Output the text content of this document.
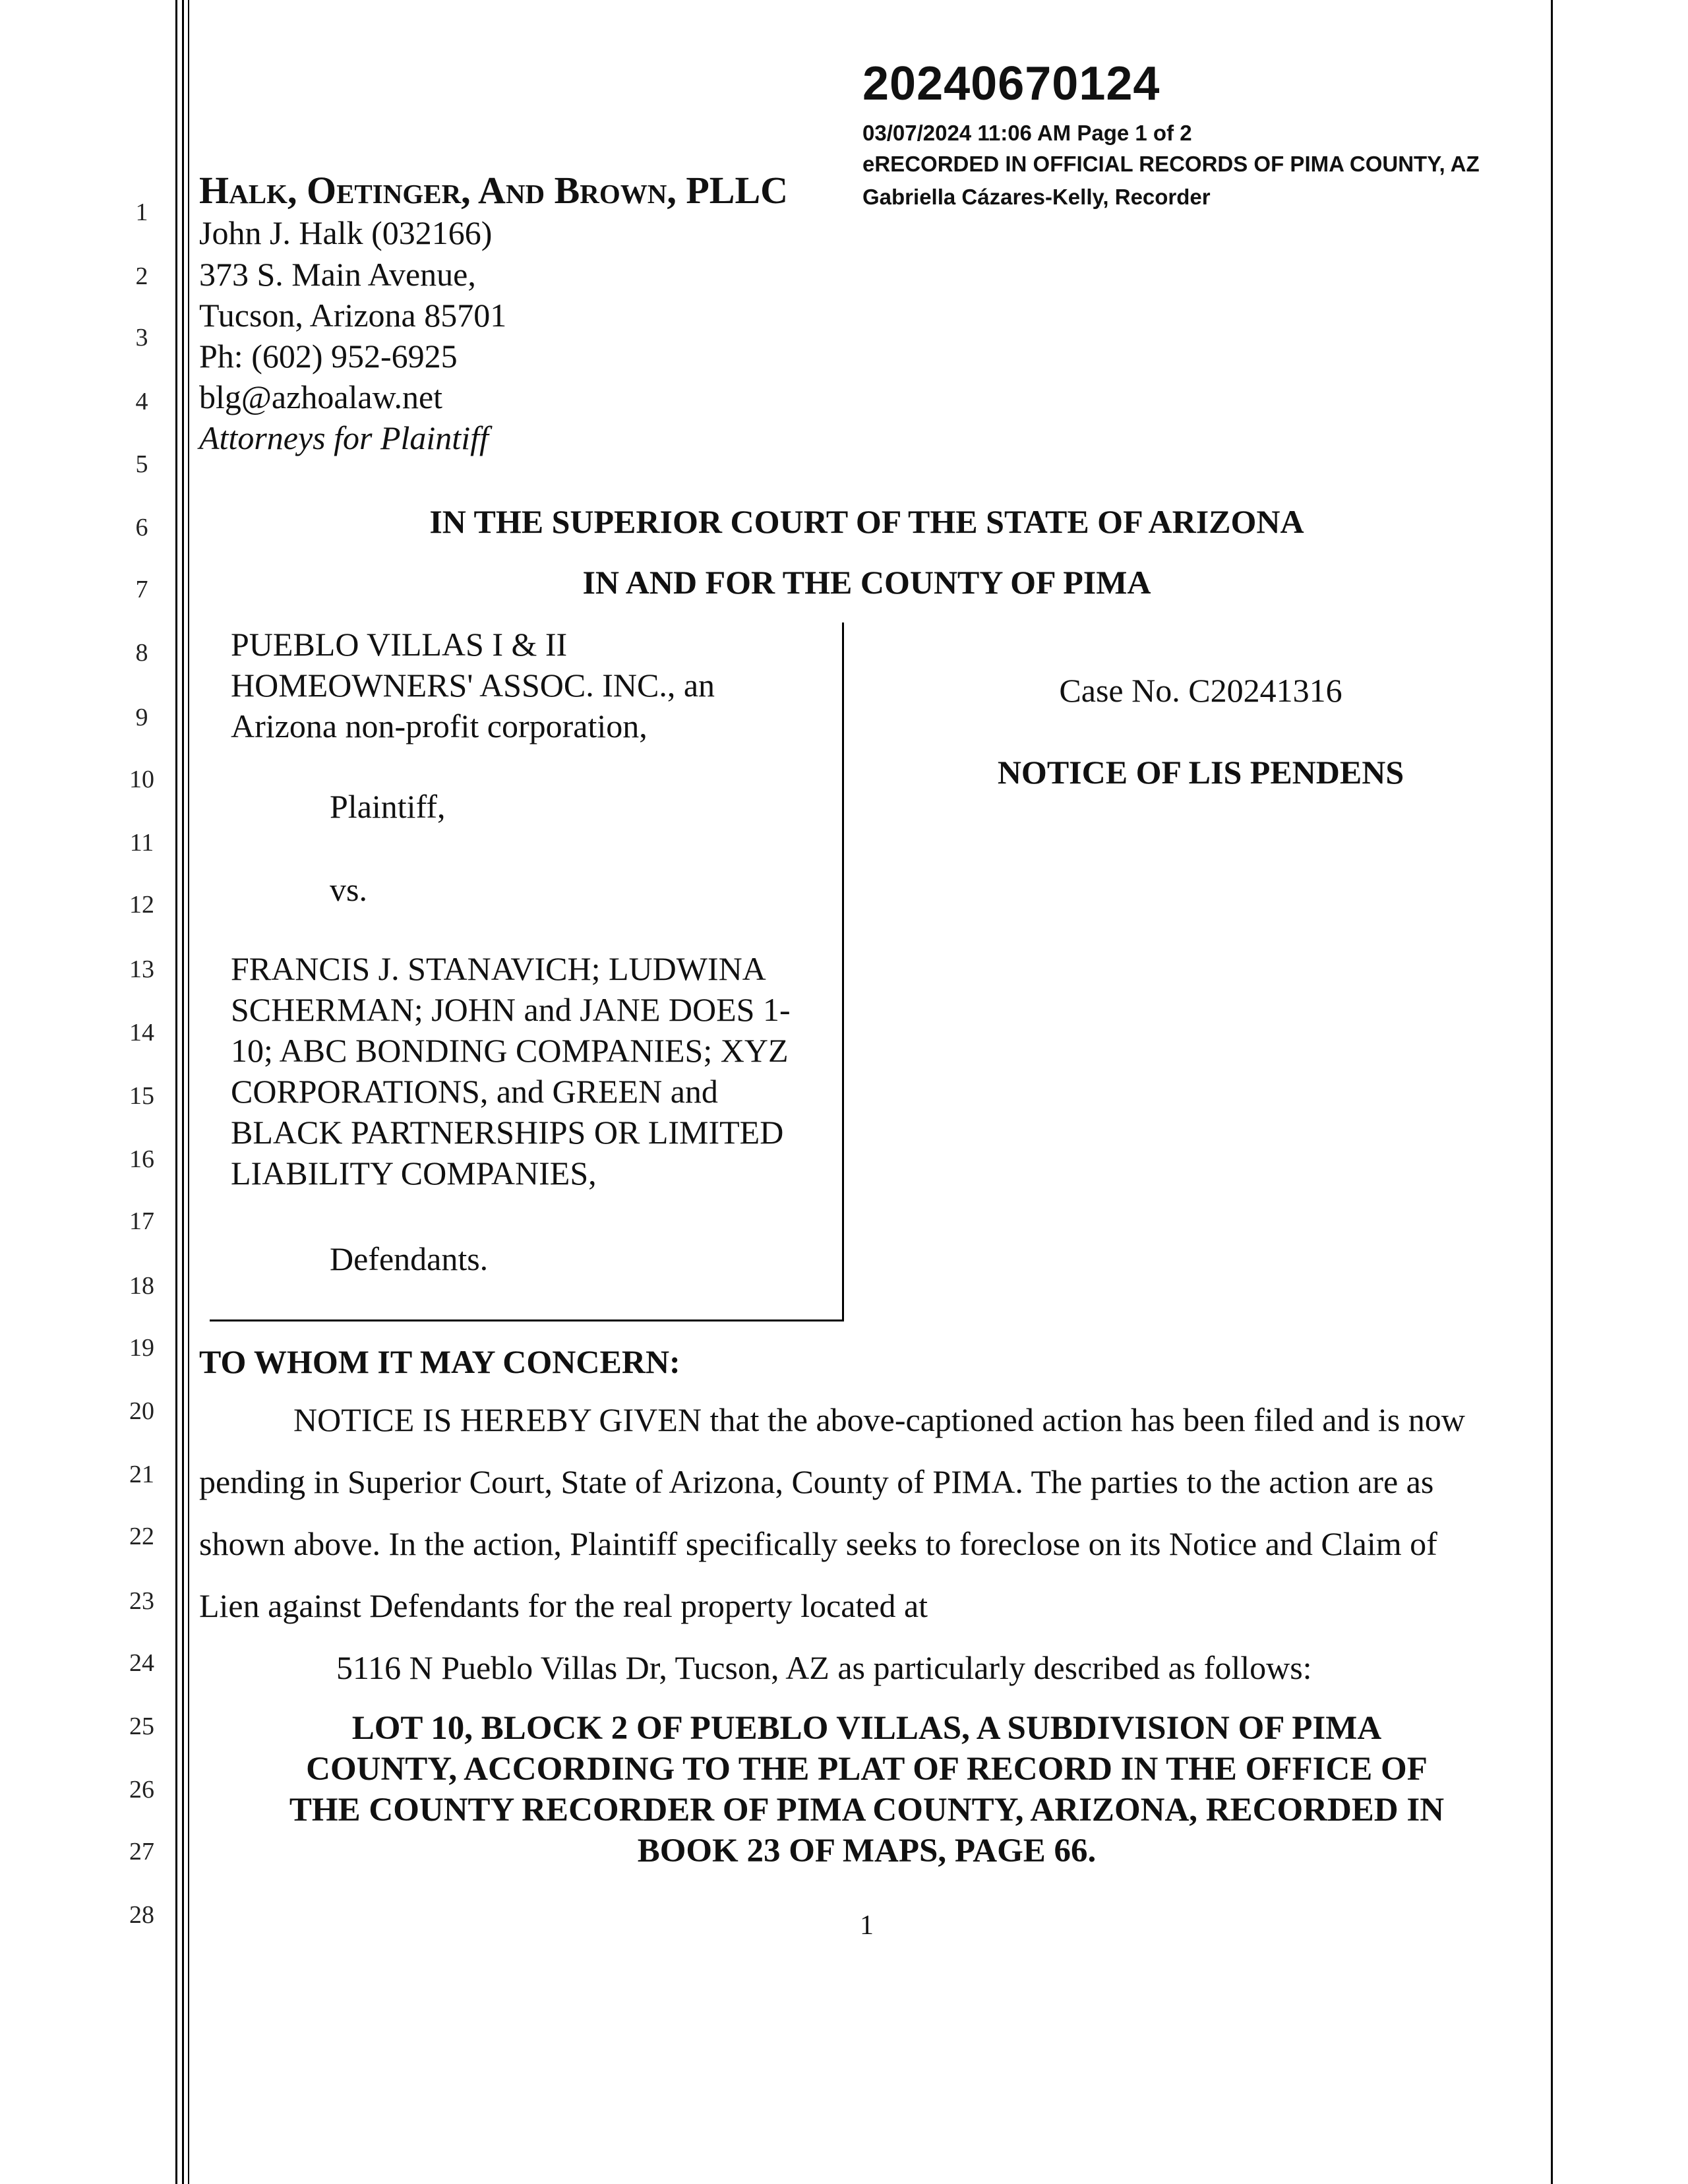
1
2
3
4
5
6
7
8
9
10
11
12
13
14
15
16
17
18
19
20
21
22
23
24
25
26
27
28
20240670124
03/07/2024 11:06 AM Page 1 of 2
eRECORDED IN OFFICIAL RECORDS OF PIMA COUNTY, AZ
Gabriella Cázares-Kelly, Recorder
Halk, Oetinger, And Brown, PLLC
John J. Halk (032166)
373 S. Main Avenue,
Tucson, Arizona 85701
Ph: (602) 952-6925
blg@azhoalaw.net
Attorneys for Plaintiff
IN THE SUPERIOR COURT OF THE STATE OF ARIZONA
IN AND FOR THE COUNTY OF PIMA
PUEBLO VILLAS I & II
HOMEOWNERS' ASSOC. INC., an
Arizona non-profit corporation,
Plaintiff,
vs.
FRANCIS J. STANAVICH; LUDWINA
SCHERMAN; JOHN and JANE DOES 1-
10; ABC BONDING COMPANIES; XYZ
CORPORATIONS, and GREEN and
BLACK PARTNERSHIPS OR LIMITED
LIABILITY COMPANIES,
Defendants.
Case No. C20241316
NOTICE OF LIS PENDENS
TO WHOM IT MAY CONCERN:
NOTICE IS HEREBY GIVEN that the above-captioned action has been filed and is now
pending in Superior Court, State of Arizona, County of PIMA. The parties to the action are as
shown above. In the action, Plaintiff specifically seeks to foreclose on its Notice and Claim of
Lien against Defendants for the real property located at
5116 N Pueblo Villas Dr, Tucson, AZ as particularly described as follows:
LOT 10, BLOCK 2 OF PUEBLO VILLAS, A SUBDIVISION OF PIMA
COUNTY, ACCORDING TO THE PLAT OF RECORD IN THE OFFICE OF
THE COUNTY RECORDER OF PIMA COUNTY, ARIZONA, RECORDED IN
BOOK 23 OF MAPS, PAGE 66.
1
